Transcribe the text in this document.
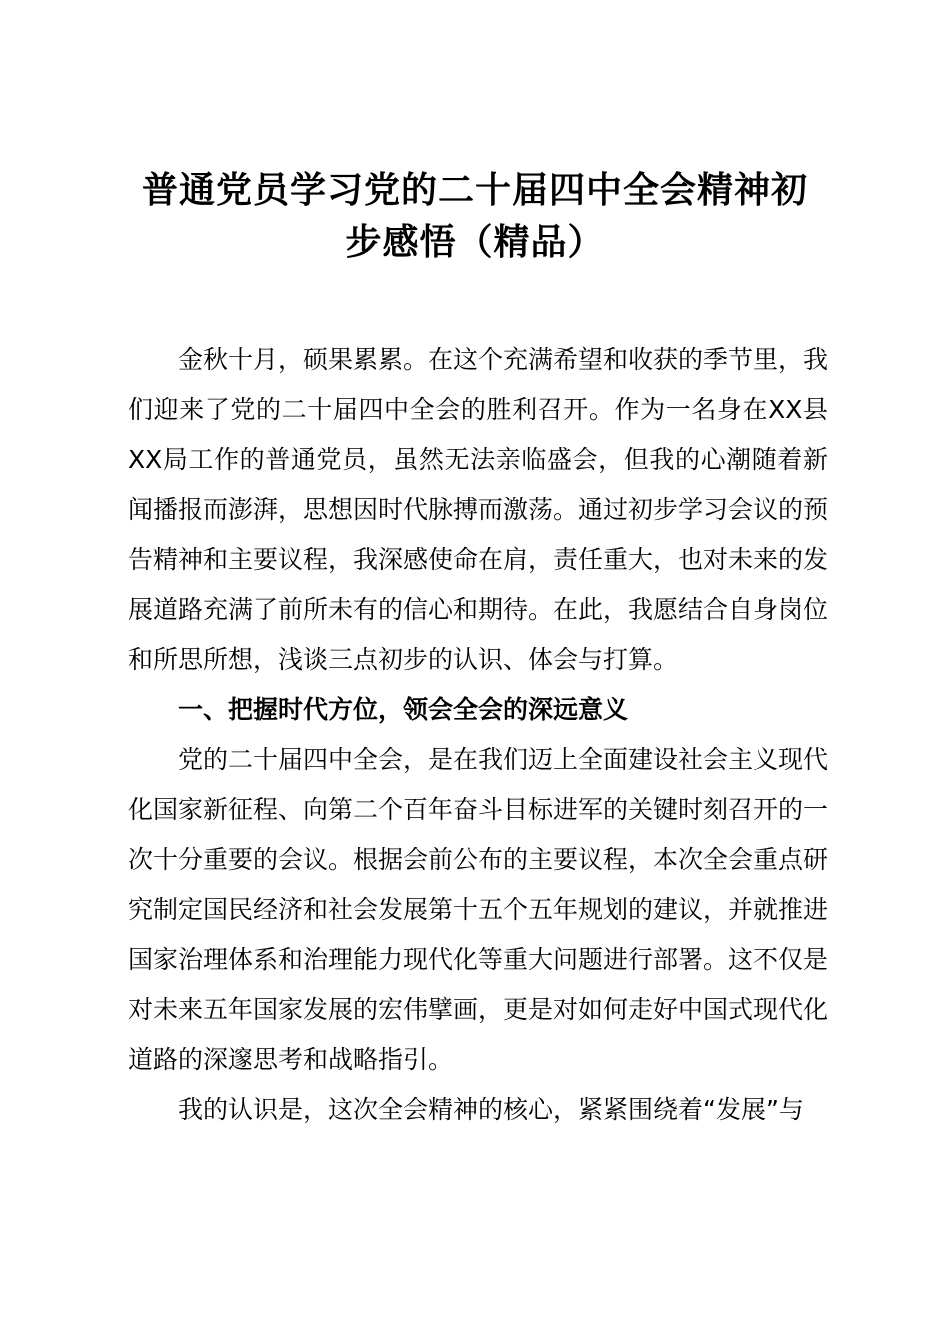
普通党员学习党的二十届四中全会精神初
步感悟（精品）

金秋十月，硕果累累。在这个充满希望和收获的季节里，我们迎来了党的二十届四中全会的胜利召开。作为一名身在XX县XX局工作的普通党员，虽然无法亲临盛会，但我的心潮随着新闻播报而澎湃，思想因时代脉搏而激荡。通过初步学习会议的预告精神和主要议程，我深感使命在肩，责任重大，也对未来的发展道路充满了前所未有的信心和期待。在此，我愿结合自身岗位和所思所想，浅谈三点初步的认识、体会与打算。

一、把握时代方位，领会全会的深远意义

党的二十届四中全会，是在我们迈上全面建设社会主义现代化国家新征程、向第二个百年奋斗目标进军的关键时刻召开的一次十分重要的会议。根据会前公布的主要议程，本次全会重点研究制定国民经济和社会发展第十五个五年规划的建议，并就推进国家治理体系和治理能力现代化等重大问题进行部署。这不仅是对未来五年国家发展的宏伟擘画，更是对如何走好中国式现代化道路的深邃思考和战略指引。

我的认识是，这次全会精神的核心，紧紧围绕着“发展”与
